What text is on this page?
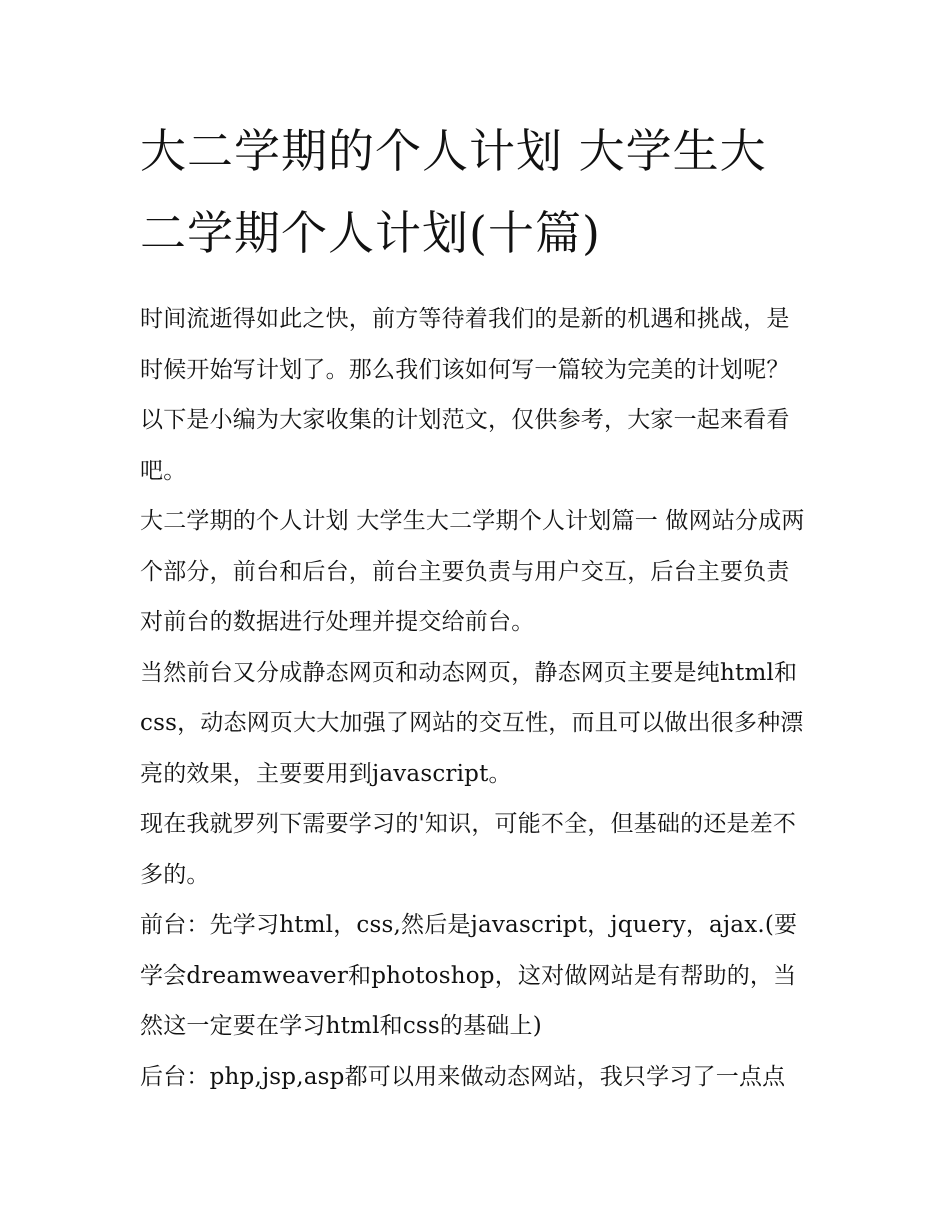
大二学期的个人计划 大学生大二学期个人计划(十篇)

时间流逝得如此之快，前方等待着我们的是新的机遇和挑战，是时候开始写计划了。那么我们该如何写一篇较为完美的计划呢？以下是小编为大家收集的计划范文，仅供参考，大家一起来看看吧。

大二学期的个人计划 大学生大二学期个人计划篇一 做网站分成两个部分，前台和后台，前台主要负责与用户交互，后台主要负责对前台的数据进行处理并提交给前台。

当然前台又分成静态网页和动态网页，静态网页主要是纯html和css，动态网页大大加强了网站的交互性，而且可以做出很多种漂亮的效果，主要要用到javascript。

现在我就罗列下需要学习的'知识，可能不全，但基础的还是差不多的。

前台：先学习html，css,然后是javascript，jquery，ajax.(要学会dreamweaver和photoshop，这对做网站是有帮助的，当然这一定要在学习html和css的基础上)

后台：php,jsp,asp都可以用来做动态网站，我只学习了一点点
